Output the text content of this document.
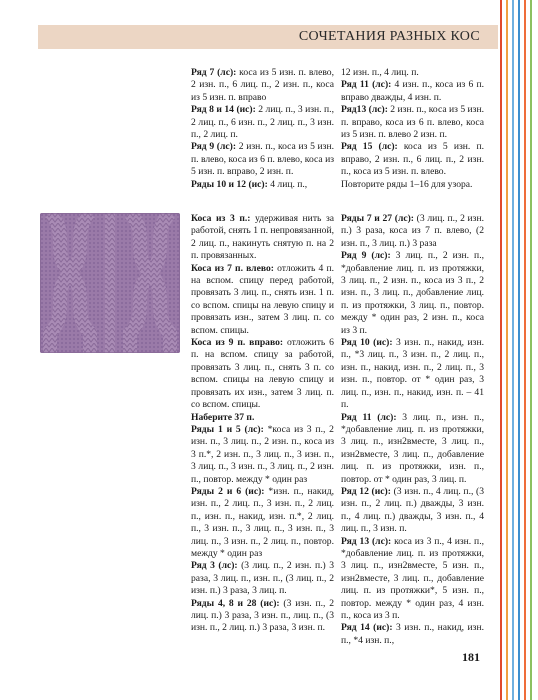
СОЧЕТАНИЯ РАЗНЫХ КОС

Ряд 7 (лс): коса из 5 изн. п. влево, 2 изн. п., 6 лиц. п., 2 изн. п., коса из 5 изн. п. вправо

Ряд 8 и 14 (ис): 2 лиц. п., 3 изн. п., 2 лиц. п., 6 изн. п., 2 лиц. п., 3 изн. п., 2 лиц. п.

Ряд 9 (лс): 2 изн. п., коса из 5 изн. п. влево, коса из 6 п. влево, коса из 5 изн. п. вправо, 2 изн. п.

Ряды 10 и 12 (ис): 4 лиц. п.,

12 изн. п., 4 лиц. п.

Ряд 11 (лс): 4 изн. п., коса из 6 п. вправо дважды, 4 изн. п.

Ряд13 (лс): 2 изн. п., коса из 5 изн. п. вправо, коса из 6 п. влево, коса из 5 изн. п. влево 2 изн. п.

Ряд 15 (лс): коса из 5 изн. п. вправо, 2 изн. п., 6 лиц. п., 2 изн. п., коса из 5 изн. п. влево.

Повторите ряды 1–16 для узора.

Коса из 3 п.: удерживая нить за работой, снять 1 п. непровязанной, 2 лиц. п., накинуть снятую п. на 2 п. провязанных.

Коса из 7 п. влево: отложить 4 п. на вспом. спицу перед работой, провязать 3 лиц. п., снять изн. 1 п. со вспом. спицы на левую спицу и провязать изн., затем 3 лиц. п. со вспом. спицы.

Коса из 9 п. вправо: отложить 6 п. на вспом. спицу за работой, провязать 3 лиц. п., снять 3 п. со вспом. спицы на левую спицу и провязать их изн., затем 3 лиц. п. со вспом. спицы.

Наберите 37 п.

Ряды 1 и 5 (лс): *коса из 3 п., 2 изн. п., 3 лиц. п., 2 изн. п., коса из 3 п.*, 2 изн. п., 3 лиц. п., 3 изн. п., 3 лиц. п., 3 изн. п., 3 лиц. п., 2 изн. п., повтор. между * один раз

Ряды 2 и 6 (ис): *изн. п., накид, изн. п., 2 лиц. п., 3 изн. п., 2 лиц. п., изн. п., накид, изн. п.*, 2 лиц. п., 3 изн. п., 3 лиц. п., 3 изн. п., 3 лиц. п., 3 изн. п., 2 лиц. п., повтор. между * один раз

Ряд 3 (лс): (3 лиц. п., 2 изн. п.) 3 раза, 3 лиц. п., изн. п., (3 лиц. п., 2 изн. п.) 3 раза, 3 лиц. п.

Ряды 4, 8 и 28 (ис): (3 изн. п., 2 лиц. п.) 3 раза, 3 изн. п., лиц. п., (3 изн. п., 2 лиц. п.) 3 раза, 3 изн. п.

Ряды 7 и 27 (лс): (3 лиц. п., 2 изн. п.) 3 раза, коса из 7 п. влево, (2 изн. п., 3 лиц. п.) 3 раза

Ряд 9 (лс): 3 лиц. п., 2 изн. п., *добавление лиц. п. из протяжки, 3 лиц. п., 2 изн. п., коса из 3 п., 2 изн. п., 3 лиц. п., добавление лиц. п. из протяжки, 3 лиц. п., повтор. между * один раз, 2 изн. п., коса из 3 п.

Ряд 10 (ис): 3 изн. п., накид, изн. п., *3 лиц. п., 3 изн. п., 2 лиц. п., изн. п., накид, изн. п., 2 лиц. п., 3 изн. п., повтор. от * один раз, 3 лиц. п., изн. п., накид, изн. п. – 41 п.

Ряд 11 (лс): 3 лиц. п., изн. п., *добавление лиц. п. из протяжки, 3 лиц. п., изн2вместе, 3 лиц. п., изн2вместе, 3 лиц. п., добавление лиц. п. из протяжки, изн. п., повтор. от * один раз, 3 лиц. п.

Ряд 12 (ис): (3 изн. п., 4 лиц. п., (3 изн. п., 2 лиц. п.) дважды, 3 изн. п., 4 лиц. п.) дважды, 3 изн. п., 4 лиц. п., 3 изн. п.

Ряд 13 (лс): коса из 3 п., 4 изн. п., *добавление лиц. п. из протяжки, 3 лиц. п., изн2вместе, 5 изн. п., изн2вместе, 3 лиц. п., добавление лиц. п. из протяжки*, 5 изн. п., повтор. между * один раз, 4 изн. п., коса из 3 п.

Ряд 14 (ис): 3 изн. п., накид, изн. п., *4 изн. п.,

181
